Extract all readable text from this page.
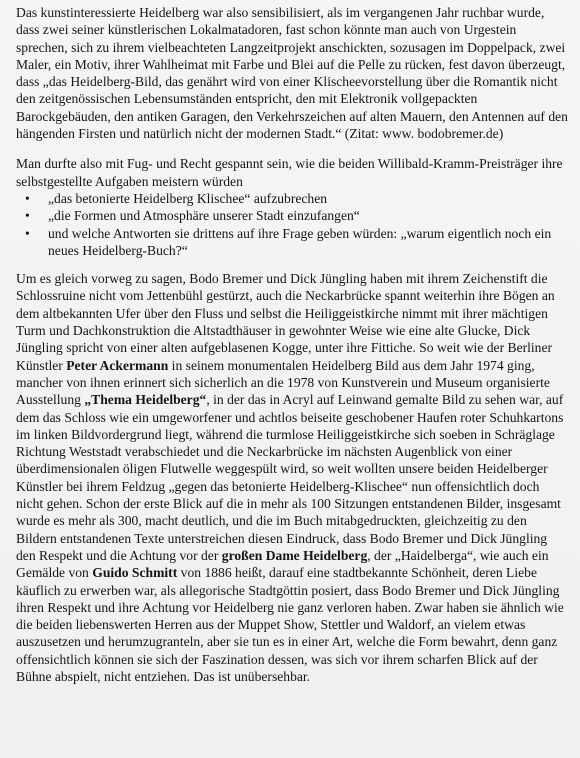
Das kunstinteressierte Heidelberg war also sensibilisiert, als im vergangenen Jahr ruchbar wurde, dass zwei seiner künstlerischen Lokalmatadoren, fast schon könnte man auch von Urgestein sprechen, sich zu ihrem vielbeachteten Langzeitprojekt anschickten, sozusagen im Doppelpack, zwei Maler, ein Motiv, ihrer Wahlheimat mit Farbe und Blei auf die Pelle zu rücken, fest davon überzeugt, dass „das Heidelberg-Bild, das genährt wird von einer Klischeevorstellung über die Romantik nicht den zeitgenössischen Lebensumständen entspricht, den mit Elektronik vollgepackten Barockgebäuden, den antiken Garagen, den Verkehrszeichen auf alten Mauern, den Antennen auf den hängenden Firsten und natürlich nicht der modernen Stadt.“ (Zitat: www. bodobremer.de)

Man durfte also mit Fug- und Recht gespannt sein, wie die beiden Willibald-Kramm-Preisträger ihre selbstgestellte Aufgaben meistern würden

• „das betonierte Heidelberg Klischee“ aufzubrechen
• „die Formen und Atmosphäre unserer Stadt einzufangen“
• und welche Antworten sie drittens auf ihre Frage geben würden: „warum eigentlich noch ein neues Heidelberg-Buch?“

Um es gleich vorweg zu sagen, Bodo Bremer und Dick Jüngling haben mit ihrem Zeichenstift die Schlossruine nicht vom Jettenbühl gestürzt, auch die Neckarbrücke spannt weiterhin ihre Bögen an dem altbekannten Ufer über den Fluss und selbst die Heiliggeistkirche nimmt mit ihrer mächtigen Turm und Dachkonstruktion die Altstadthäuser in gewohnter Weise wie eine alte Glucke, Dick Jüngling spricht von einer alten aufgeblasenen Kogge, unter ihre Fittiche. So weit wie der Berliner Künstler Peter Ackermann in seinem monumentalen Heidelberg Bild aus dem Jahr 1974 ging, mancher von ihnen erinnert sich sicherlich an die 1978 von Kunstverein und Museum organisierte Ausstellung „Thema Heidelberg“, in der das in Acryl auf Leinwand gemalte Bild zu sehen war, auf dem das Schloss wie ein umgeworfener und achtlos beiseite geschobener Haufen roter Schuhkartons im linken Bildvordergrund liegt, während die turmlose Heiliggeistkirche sich soeben in Schräglage Richtung Weststadt verabschiedet und die Neckarbrücke im nächsten Augenblick von einer überdimensionalen öligen Flutwelle weggespült wird, so weit wollten unsere beiden Heidelberger Künstler bei ihrem Feldzug „gegen das betonierte Heidelberg-Klischee“ nun offensichtlich doch nicht gehen. Schon der erste Blick auf die in mehr als 100 Sitzungen entstandenen Bilder, insgesamt wurde es mehr als 300, macht deutlich, und die im Buch mitabgedruckten, gleichzeitig zu den Bildern entstandenen Texte unterstreichen diesen Eindruck, dass Bodo Bremer und Dick Jüngling den Respekt und die Achtung vor der großen Dame Heidelberg, der „Haidelberga“, wie auch ein Gemälde von Guido Schmitt von 1886 heißt, darauf eine stadtbekannte Schönheit, deren Liebe käuflich zu erwerben war, als allegorische Stadtgöttin posiert, dass Bodo Bremer und Dick Jüngling ihren Respekt und ihre Achtung vor Heidelberg nie ganz verloren haben. Zwar haben sie ähnlich wie die beiden liebenswerten Herren aus der Muppet Show, Stettler und Waldorf, an vielem etwas auszusetzen und herumzugranteln, aber sie tun es in einer Art, welche die Form bewahrt, denn ganz offensichtlich können sie sich der Faszination dessen, was sich vor ihrem scharfen Blick auf der Bühne abspielt, nicht entziehen. Das ist unübersehbar.
